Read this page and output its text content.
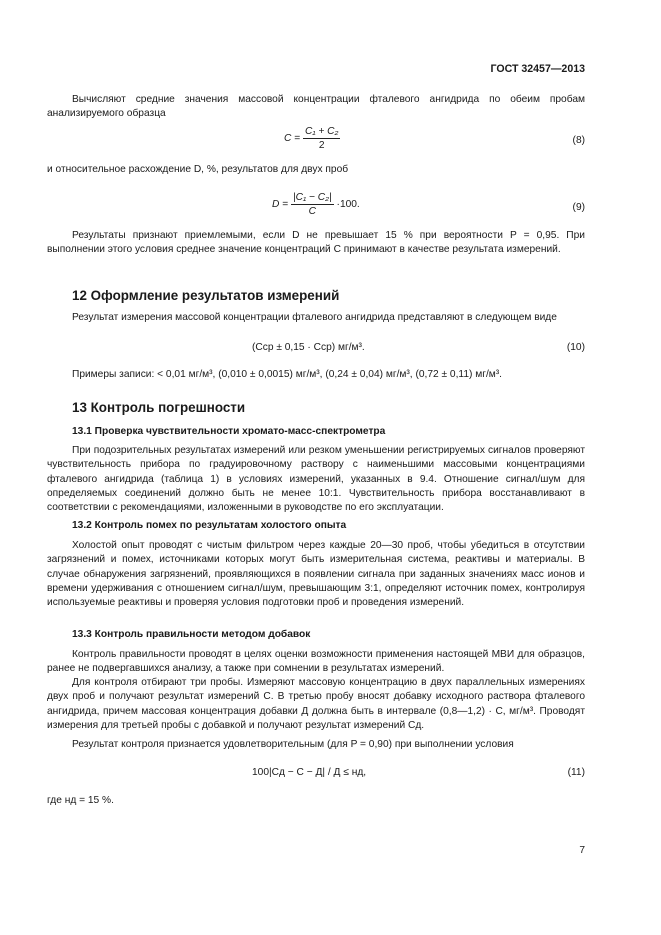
ГОСТ 32457—2013

Вычисляют средние значения массовой концентрации фталевого ангидрида по обеим пробам анализируемого образца

$C = \frac{\text{C₁ + C₂}}{2}$	(8)

и относительное расхождение D, %, результатов для двух проб

$D = \frac{\text{|C₁ − C₂|}}{C} \cdot 100$.	(9)

Результаты признают приемлемыми, если D не превышает 15 % при вероятности P = 0,95. При выполнении этого условия среднее значение концентраций C принимают в качестве результата измерений.

12 Оформление результатов измерений

Результат измерения массовой концентрации фталевого ангидрида представляют в следующем виде

(Cср ± 0,15 · Cср) мг/м³.	(10)

Примеры записи: < 0,01 мг/м³, (0,010 ± 0,0015) мг/м³, (0,24 ± 0,04) мг/м³, (0,72 ± 0,11) мг/м³.

13 Контроль погрешности
13.1 Проверка чувствительности хромато-масс-спектрометра

При подозрительных результатах измерений или резком уменьшении регистрируемых сигналов проверяют чувствительность прибора по градуировочному раствору с наименьшими массовыми концентрациями фталевого ангидрида (таблица 1) в условиях измерений, указанных в 9.4. Отношение сигнал/шум для определяемых соединений должно быть не менее 10:1. Чувствительность прибора восстанавливают в соответствии с рекомендациями, изложенными в руководстве по его эксплуатации.

13.2 Контроль помех по результатам холостого опыта

Холостой опыт проводят с чистым фильтром через каждые 20—30 проб, чтобы убедиться в отсутствии загрязнений и помех, источниками которых могут быть измерительная система, реактивы и материалы. В случае обнаружения загрязнений, проявляющихся в появлении сигнала при заданных значениях масс ионов и времени удерживания с отношением сигнал/шум, превышающим 3:1, определяют источник помех, контролируя используемые реактивы и проверяя условия подготовки проб и проведения измерений.

13.3 Контроль правильности методом добавок

Контроль правильности проводят в целях оценки возможности применения настоящей МВИ для образцов, ранее не подвергавшихся анализу, а также при сомнении в результатах измерений.

Для контроля отбирают три пробы. Измеряют массовую концентрацию в двух параллельных измерениях двух проб и получают результат измерений C. В третью пробу вносят добавку исходного раствора фталевого ангидрида, причем массовая концентрация добавки Д должна быть в интервале (0,8—1,2) · C, мг/м³. Проводят измерения для третьей пробы с добавкой и получают результат измерений Cд.

Результат контроля признается удовлетворительным (для P = 0,90) при выполнении условия

100|Cд − C − Д| / Д ≤ нд,	(11)

где нд = 15 %.

7
